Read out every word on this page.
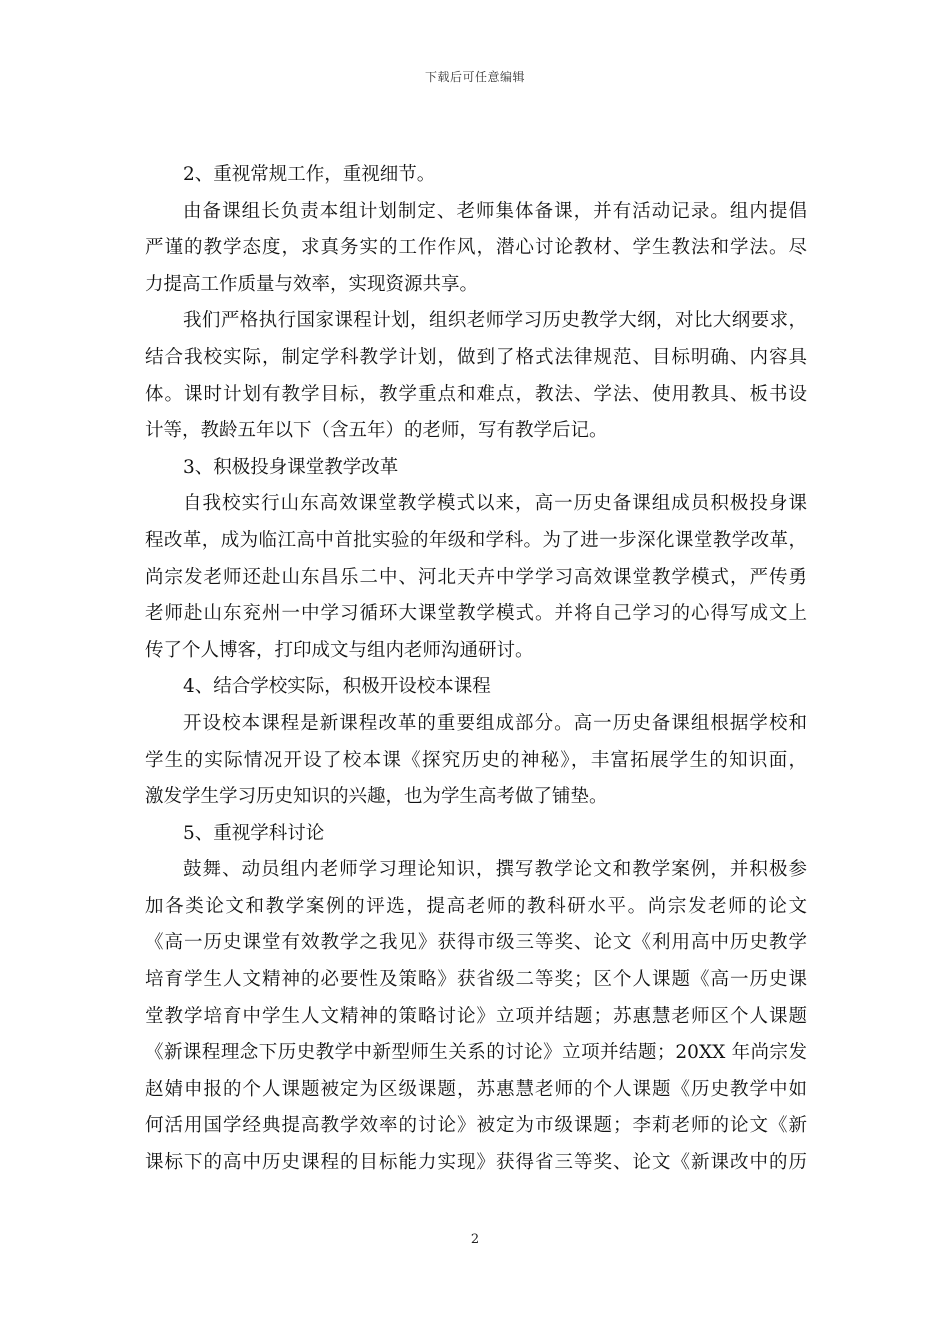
下载后可任意编辑
2、重视常规工作，重视细节。
由备课组长负责本组计划制定、老师集体备课，并有活动记录。组内提倡
严谨的教学态度，求真务实的工作作风，潜心讨论教材、学生教法和学法。尽
力提高工作质量与效率，实现资源共享。
我们严格执行国家课程计划，组织老师学习历史教学大纲，对比大纲要求，
结合我校实际，制定学科教学计划，做到了格式法律规范、目标明确、内容具
体。课时计划有教学目标，教学重点和难点，教法、学法、使用教具、板书设
计等，教龄五年以下（含五年）的老师，写有教学后记。
3、积极投身课堂教学改革
自我校实行山东高效课堂教学模式以来，高一历史备课组成员积极投身课
程改革，成为临江高中首批实验的年级和学科。为了进一步深化课堂教学改革，
尚宗发老师还赴山东昌乐二中、河北天卉中学学习高效课堂教学模式，严传勇
老师赴山东兖州一中学习循环大课堂教学模式。并将自己学习的心得写成文上
传了个人博客，打印成文与组内老师沟通研讨。
4、结合学校实际，积极开设校本课程
开设校本课程是新课程改革的重要组成部分。高一历史备课组根据学校和
学生的实际情况开设了校本课《探究历史的神秘》，丰富拓展学生的知识面，
激发学生学习历史知识的兴趣，也为学生高考做了铺垫。
5、重视学科讨论
鼓舞、动员组内老师学习理论知识，撰写教学论文和教学案例，并积极参
加各类论文和教学案例的评选，提高老师的教科研水平。尚宗发老师的论文
《高一历史课堂有效教学之我见》获得市级三等奖、论文《利用高中历史教学
培育学生人文精神的必要性及策略》获省级二等奖；区个人课题《高一历史课
堂教学培育中学生人文精神的策略讨论》立项并结题；苏惠慧老师区个人课题
《新课程理念下历史教学中新型师生关系的讨论》立项并结题；20XX 年尚宗发
赵婧申报的个人课题被定为区级课题，苏惠慧老师的个人课题《历史教学中如
何活用国学经典提高教学效率的讨论》被定为市级课题；李莉老师的论文《新
课标下的高中历史课程的目标能力实现》获得省三等奖、论文《新课改中的历
2
